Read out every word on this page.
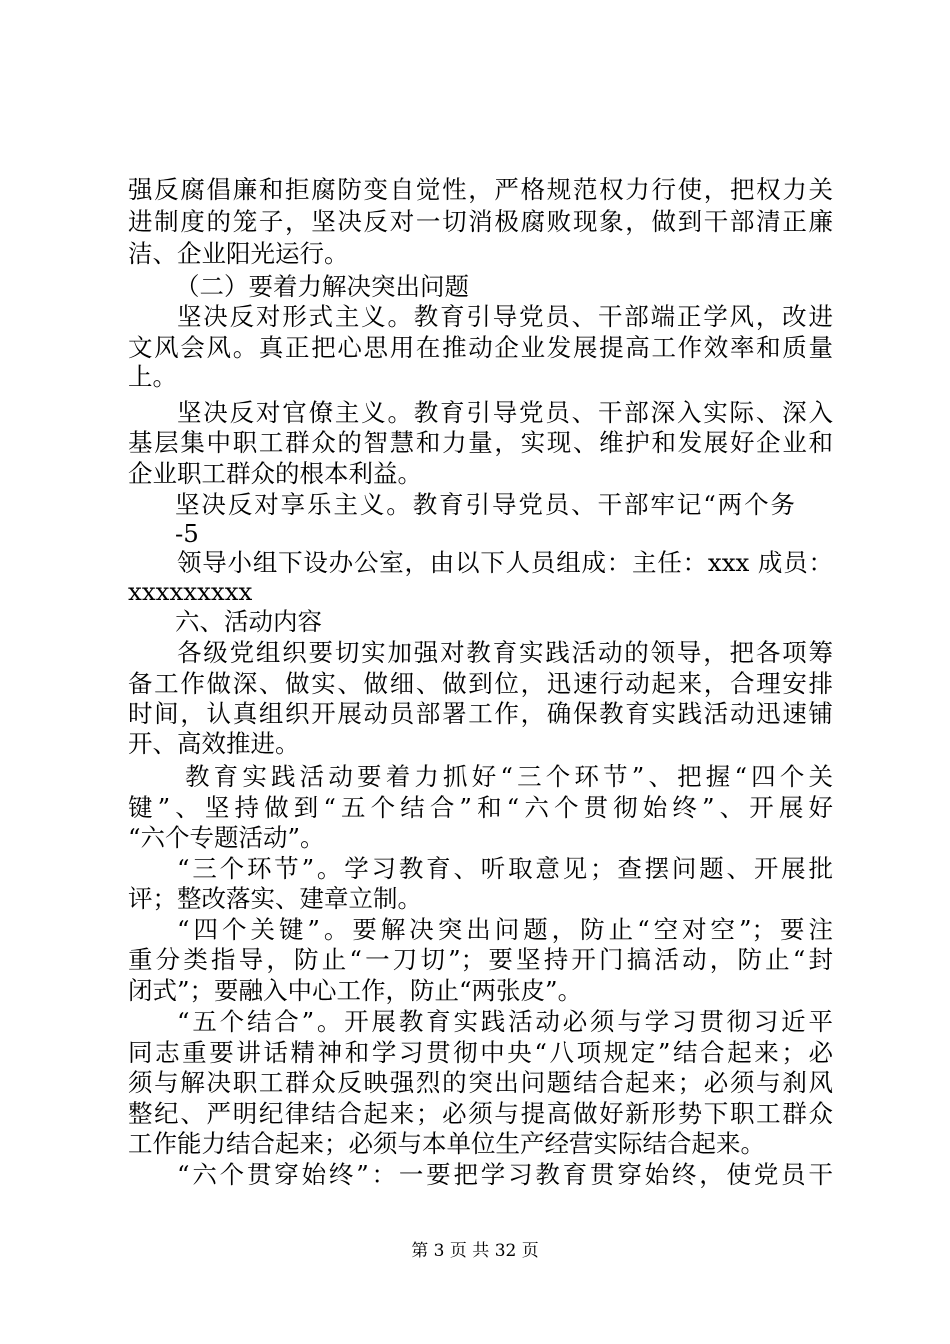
强反腐倡廉和拒腐防变自觉性，严格规范权力行使，把权力关
进制度的笼子，坚决反对一切消极腐败现象，做到干部清正廉
洁、企业阳光运行。
（二）要着力解决突出问题
坚决反对形式主义。教育引导党员、干部端正学风，改进
文风会风。真正把心思用在推动企业发展提高工作效率和质量
上。
坚决反对官僚主义。教育引导党员、干部深入实际、深入
基层集中职工群众的智慧和力量，实现、维护和发展好企业和
企业职工群众的根本利益。
坚决反对享乐主义。教育引导党员、干部牢记“两个务
-5
领导小组下设办公室，由以下人员组成：主任：xxx 成员：
xxxxxxxxx
六、活动内容
各级党组织要切实加强对教育实践活动的领导，把各项筹
备工作做深、做实、做细、做到位，迅速行动起来，合理安排
时间，认真组织开展动员部署工作，确保教育实践活动迅速铺
开、高效推进。
教育实践活动要着力抓好“三个环节”、把握“四个关
键”、坚持做到“五个结合”和“六个贯彻始终”、开展好
“六个专题活动”。
“三个环节”。学习教育、听取意见；查摆问题、开展批
评；整改落实、建章立制。
“四个关键”。要解决突出问题，防止“空对空”；要注
重分类指导，防止“一刀切”；要坚持开门搞活动，防止“封
闭式”；要融入中心工作，防止“两张皮”。
“五个结合”。开展教育实践活动必须与学习贯彻习近平
同志重要讲话精神和学习贯彻中央“八项规定”结合起来；必
须与解决职工群众反映强烈的突出问题结合起来；必须与刹风
整纪、严明纪律结合起来；必须与提高做好新形势下职工群众
工作能力结合起来；必须与本单位生产经营实际结合起来。
“六个贯穿始终”：一要把学习教育贯穿始终，使党员干
第 3 页 共 32 页
